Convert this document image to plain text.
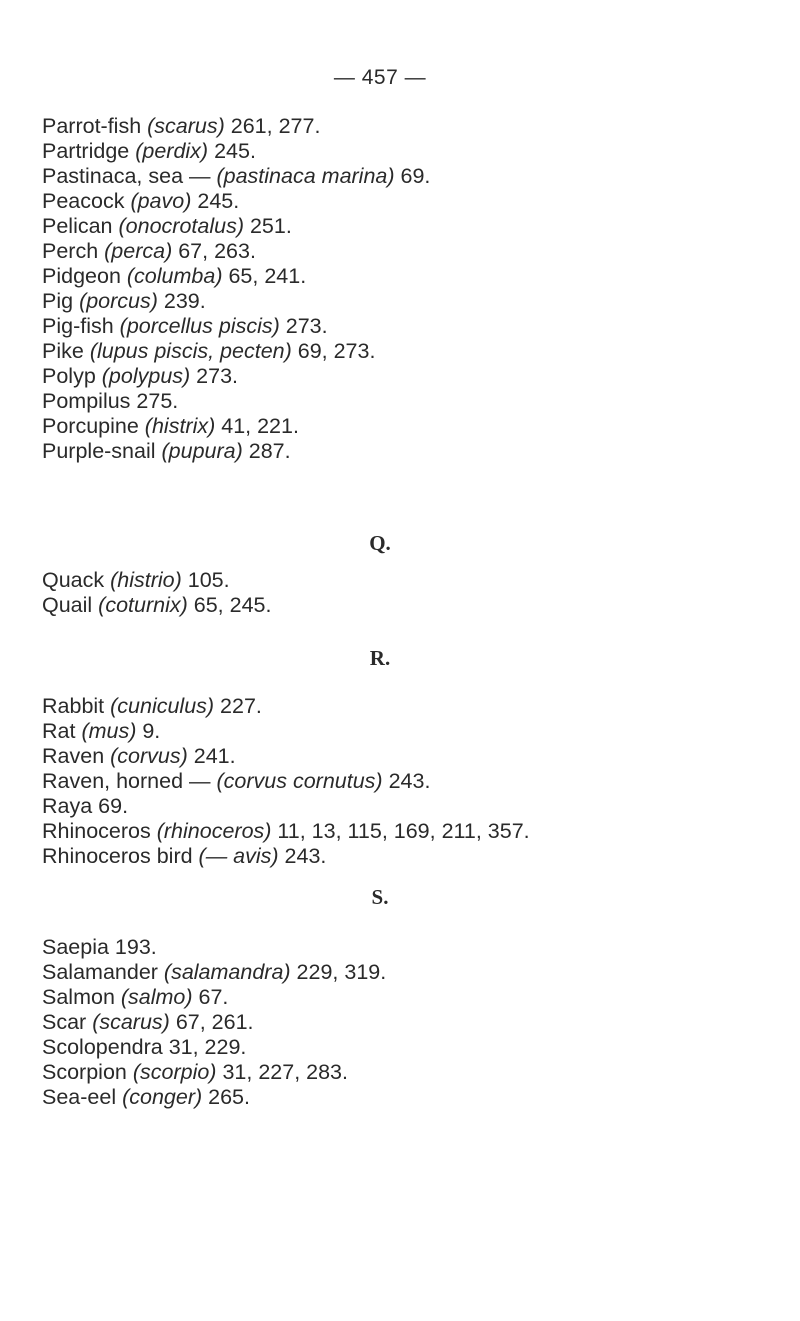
— 457 —
Parrot-fish (scarus) 261, 277.
Partridge (perdix) 245.
Pastinaca, sea — (pastinaca marina) 69.
Peacock (pavo) 245.
Pelican (onocrotalus) 251.
Perch (perca) 67, 263.
Pidgeon (columba) 65, 241.
Pig (porcus) 239.
Pig-fish (porcellus piscis) 273.
Pike (lupus piscis, pecten) 69, 273.
Polyp (polypus) 273.
Pompilus 275.
Porcupine (histrix) 41, 221.
Purple-snail (pupura) 287.
Q.
Quack (histrio) 105.
Quail (coturnix) 65, 245.
R.
Rabbit (cuniculus) 227.
Rat (mus) 9.
Raven (corvus) 241.
Raven, horned — (corvus cornutus) 243.
Raya 69.
Rhinoceros (rhinoceros) 11, 13, 115, 169, 211, 357.
Rhinoceros bird (— avis) 243.
S.
Saepia 193.
Salamander (salamandra) 229, 319.
Salmon (salmo) 67.
Scar (scarus) 67, 261.
Scolopendra 31, 229.
Scorpion (scorpio) 31, 227, 283.
Sea-eel (conger) 265.
